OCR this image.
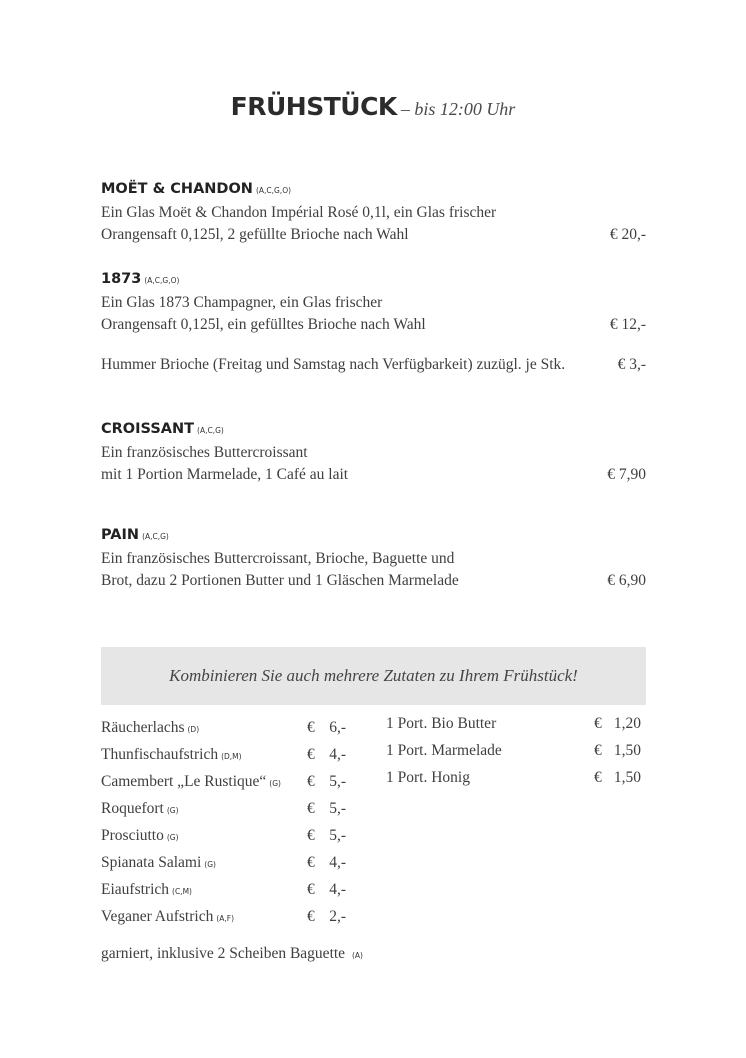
FRÜHSTÜCK – bis 12:00 Uhr
MOËT & CHANDON (A,C,G,O)
Ein Glas Moët & Chandon Impérial Rosé 0,1l, ein Glas frischer
Orangensaft 0,125l, 2 gefüllte Brioche nach Wahl	€ 20,-
1873 (A,C,G,O)
Ein Glas 1873 Champagner, ein Glas frischer
Orangensaft 0,125l, ein gefülltes Brioche nach Wahl	€ 12,-
Hummer Brioche (Freitag und Samstag nach Verfügbarkeit) zuzügl. je Stk.	€ 3,-
CROISSANT (A,C,G)
Ein französisches Buttercroissant
mit 1 Portion Marmelade, 1 Café au lait	€ 7,90
PAIN (A,C,G)
Ein französisches Buttercroissant, Brioche, Baguette und
Brot, dazu 2 Portionen Butter und 1 Gläschen Marmelade	€ 6,90
Kombinieren Sie auch mehrere Zutaten zu Ihrem Frühstück!
Räucherlachs (D)	€ 6,-
Thunfischaufstrich (D,M)	€ 4,-
Camembert „Le Rustique“ (G) € 5,-
Roquefort (G)	€ 5,-
Prosciutto (G)	€ 5,-
Spianata Salami (G)	€ 4,-
Eiaufstrich (C,M)	€ 4,-
Veganer Aufstrich (A,F)	€ 2,-
1 Port. Bio Butter	€ 1,20
1 Port. Marmelade	€ 1,50
1 Port. Honig	€ 1,50
garniert, inklusive 2 Scheiben Baguette (A)
